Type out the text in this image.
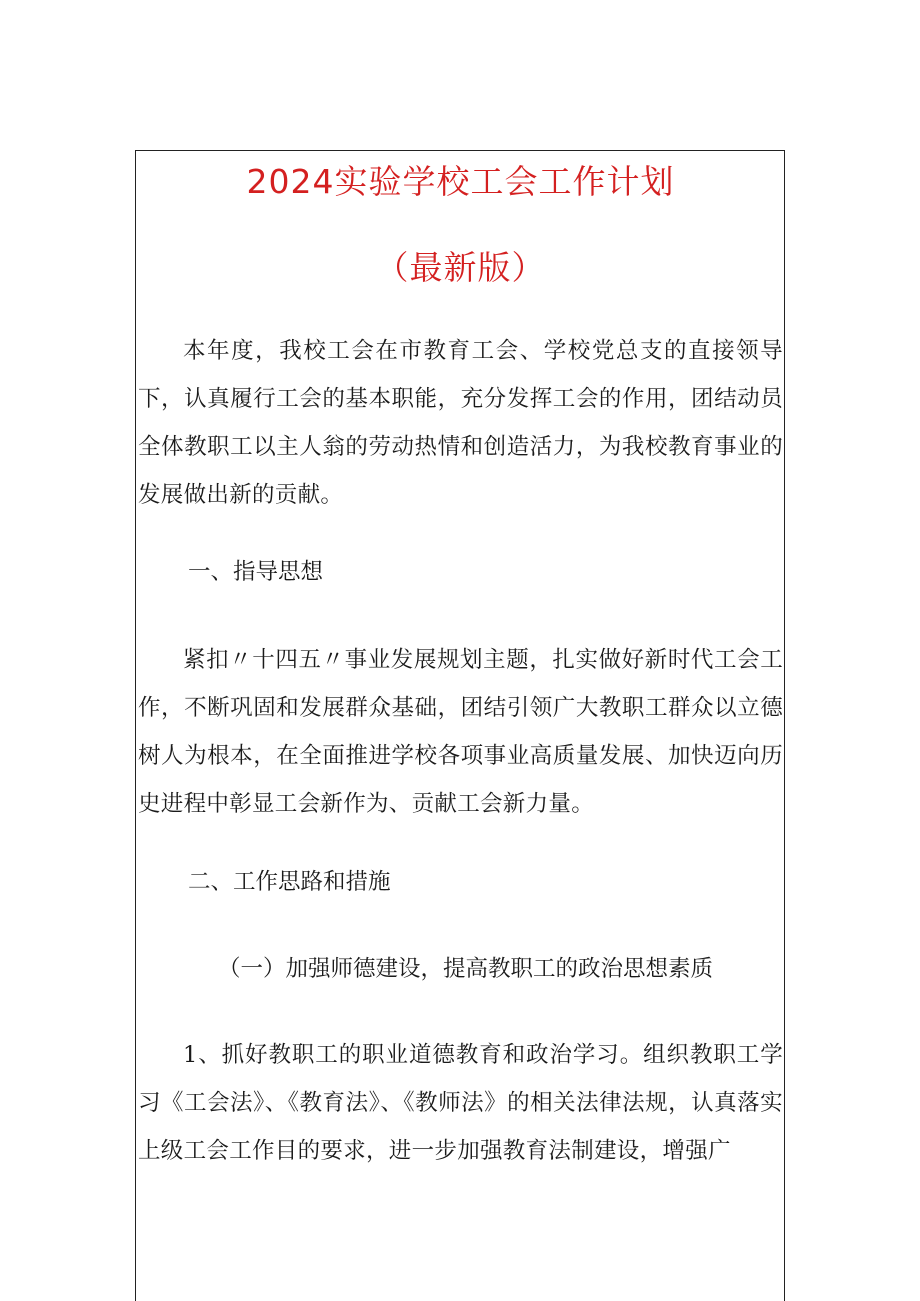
2024实验学校工会工作计划
（最新版）

本年度，我校工会在市教育工会、学校党总支的直接领导下，认真履行工会的基本职能，充分发挥工会的作用，团结动员全体教职工以主人翁的劳动热情和创造活力，为我校教育事业的发展做出新的贡献。

一、指导思想

紧扣〃十四五〃事业发展规划主题，扎实做好新时代工会工作，不断巩固和发展群众基础，团结引领广大教职工群众以立德树人为根本，在全面推进学校各项事业高质量发展、加快迈向历史进程中彰显工会新作为、贡献工会新力量。

二、工作思路和措施
（一）加强师德建设，提高教职工的政治思想素质

1、抓好教职工的职业道德教育和政治学习。组织教职工学习《工会法》、《教育法》、《教师法》的相关法律法规，认真落实上级工会工作目的要求，进一步加强教育法制建设，增强广
